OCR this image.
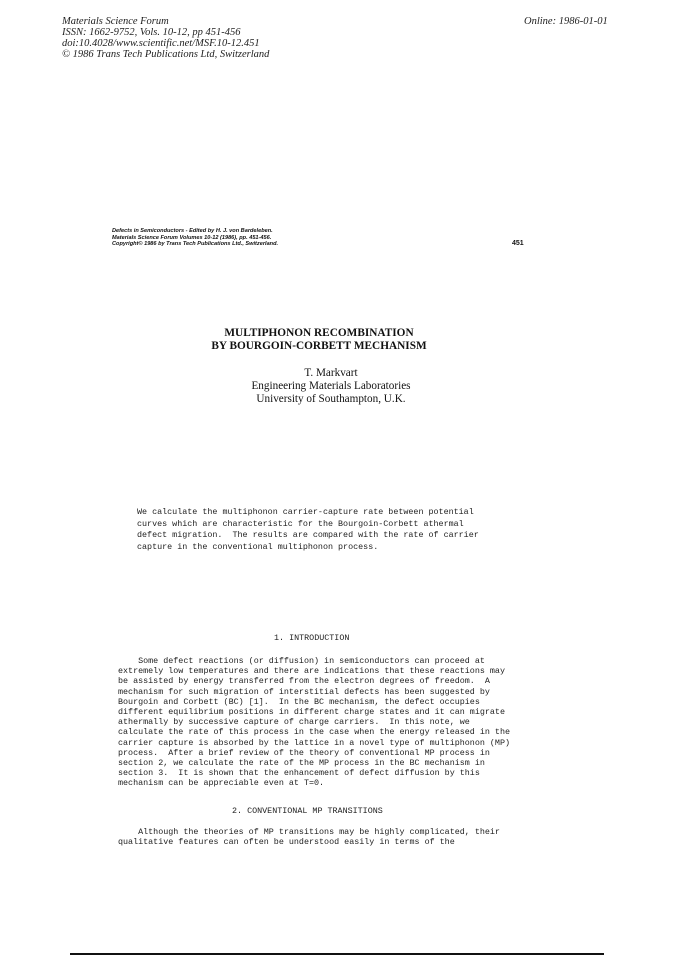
Materials Science Forum
ISSN: 1662-9752, Vols. 10-12, pp 451-456
doi:10.4028/www.scientific.net/MSF.10-12.451
© 1986 Trans Tech Publications Ltd, Switzerland
Online: 1986-01-01
Defects in Semiconductors - Edited by H. J. von Bardeleben.
Materials Science Forum Volumes 10-12 (1986), pp. 451-456.
Copyright© 1986 by Trans Tech Publications Ltd., Switzerland.	451
MULTIPHONON RECOMBINATION
BY BOURGOIN-CORBETT MECHANISM
T. Markvart
Engineering Materials Laboratories
University of Southampton, U.K.
We calculate the multiphonon carrier-capture rate between potential
curves which are characteristic for the Bourgoin-Corbett athermal
defect migration.  The results are compared with the rate of carrier
capture in the conventional multiphonon process.
1. INTRODUCTION
Some defect reactions (or diffusion) in semiconductors can proceed at
extremely low temperatures and there are indications that these reactions may
be assisted by energy transferred from the electron degrees of freedom.  A
mechanism for such migration of interstitial defects has been suggested by
Bourgoin and Corbett (BC) [1].  In the BC mechanism, the defect occupies
different equilibrium positions in different charge states and it can migrate
athermally by successive capture of charge carriers.  In this note, we
calculate the rate of this process in the case when the energy released in the
carrier capture is absorbed by the lattice in a novel type of multiphonon (MP)
process.  After a brief review of the theory of conventional MP process in
section 2, we calculate the rate of the MP process in the BC mechanism in
section 3.  It is shown that the enhancement of defect diffusion by this
mechanism can be appreciable even at T=0.
2. CONVENTIONAL MP TRANSITIONS
Although the theories of MP transitions may be highly complicated, their
qualitative features can often be understood easily in terms of the
